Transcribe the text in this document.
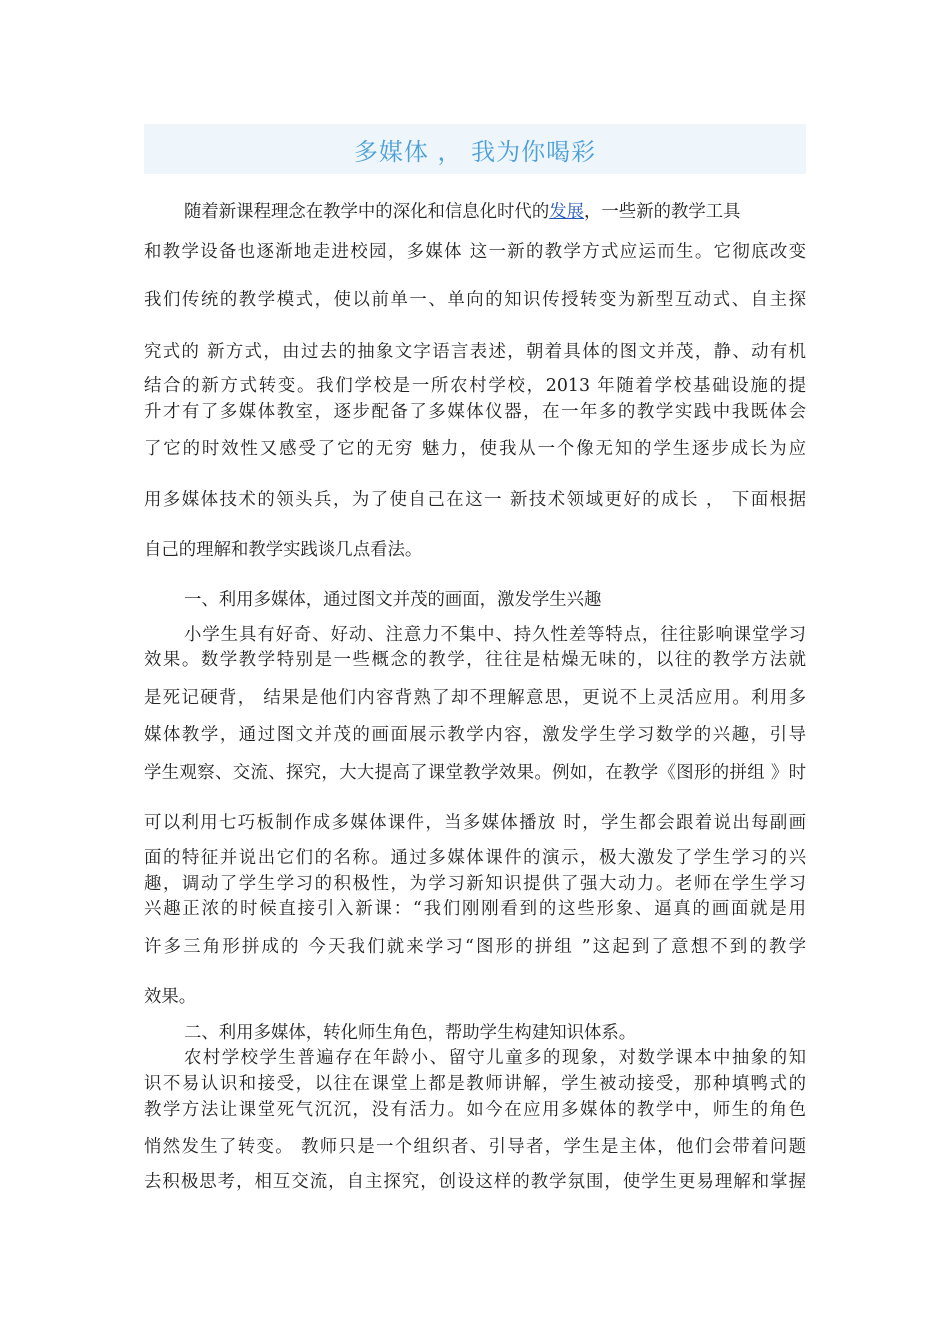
多媒体 ， 我为你喝彩
随着新课程理念在教学中的深化和信息化时代的发展，一些新的教学工具
和教学设备也逐渐地走进校园，多媒体 这一新的教学方式应运而生。它彻底改变
我们传统的教学模式，使以前单一、单向的知识传授转变为新型互动式、自主探
究式的 新方式，由过去的抽象文字语言表述，朝着具体的图文并茂，静、动有机
结合的新方式转变。我们学校是一所农村学校，2013 年随着学校基础设施的提
升才有了多媒体教室，逐步配备了多媒体仪器，在一年多的教学实践中我既体会
了它的时效性又感受了它的无穷 魅力，使我从一个像无知的学生逐步成长为应
用多媒体技术的领头兵，为了使自己在这一 新技术领域更好的成长 ， 下面根据
自己的理解和教学实践谈几点看法。
一、利用多媒体，通过图文并茂的画面，激发学生兴趣
小学生具有好奇、好动、注意力不集中、持久性差等特点，往往影响课堂学习
效果。数学教学特别是一些概念的教学，往往是枯燥无味的，以往的教学方法就
是死记硬背， 结果是他们内容背熟了却不理解意思，更说不上灵活应用。利用多
媒体教学，通过图文并茂的画面展示教学内容，激发学生学习数学的兴趣，引导
学生观察、交流、探究，大大提高了课堂教学效果。例如，在教学《图形的拼组 》时
可以利用七巧板制作成多媒体课件，当多媒体播放 时，学生都会跟着说出每副画
面的特征并说出它们的名称。通过多媒体课件的演示，极大激发了学生学习的兴
趣，调动了学生学习的积极性，为学习新知识提供了强大动力。老师在学生学习
兴趣正浓的时候直接引入新课：“我们刚刚看到的这些形象、逼真的画面就是用
许多三角形拼成的 今天我们就来学习“图形的拼组 ”这起到了意想不到的教学
效果。
二、利用多媒体，转化师生角色，帮助学生构建知识体系。
农村学校学生普遍存在年龄小、留守儿童多的现象，对数学课本中抽象的知
识不易认识和接受，以往在课堂上都是教师讲解，学生被动接受，那种填鸭式的
教学方法让课堂死气沉沉，没有活力。如今在应用多媒体的教学中，师生的角色
悄然发生了转变。 教师只是一个组织者、引导者，学生是主体，他们会带着问题
去积极思考，相互交流，自主探究，创设这样的教学氛围，使学生更易理解和掌握
